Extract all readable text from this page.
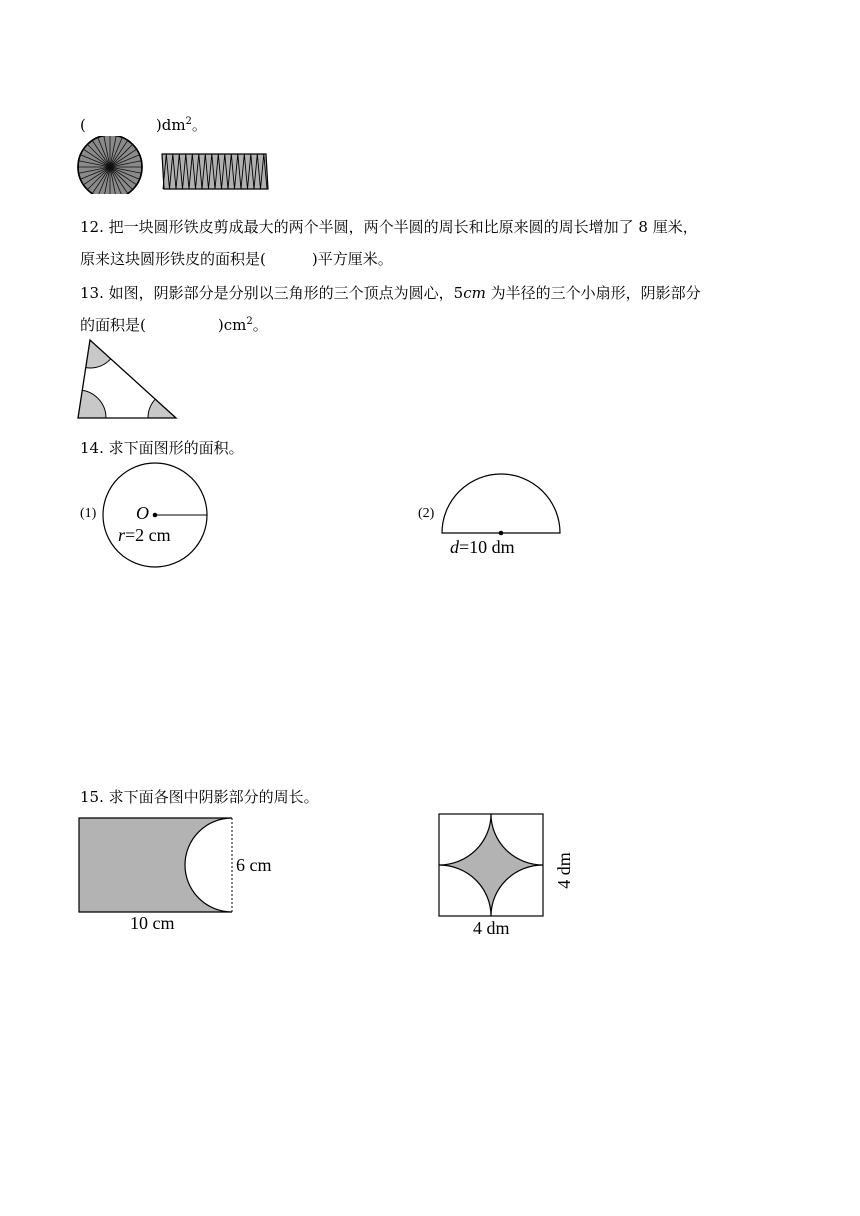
(	)$dm^2$。
12. 把一块圆形铁皮剪成最大的两个半圆，两个半圆的周长和比原来圆的周长增加了 8 厘米，
原来这块圆形铁皮的面积是(	)平方厘米。
13. 如图，阴影部分是分别以三角形的三个顶点为圆心，5cm 为半径的三个小扇形，阴影部分
的面积是(	)$cm^2$。
14. 求下面图形的面积。
(1) O
r=2 cm
(2)
d=10 dm
15. 求下面各图中阴影部分的周长。
6 cm
10 cm
4 dm
4 dm
